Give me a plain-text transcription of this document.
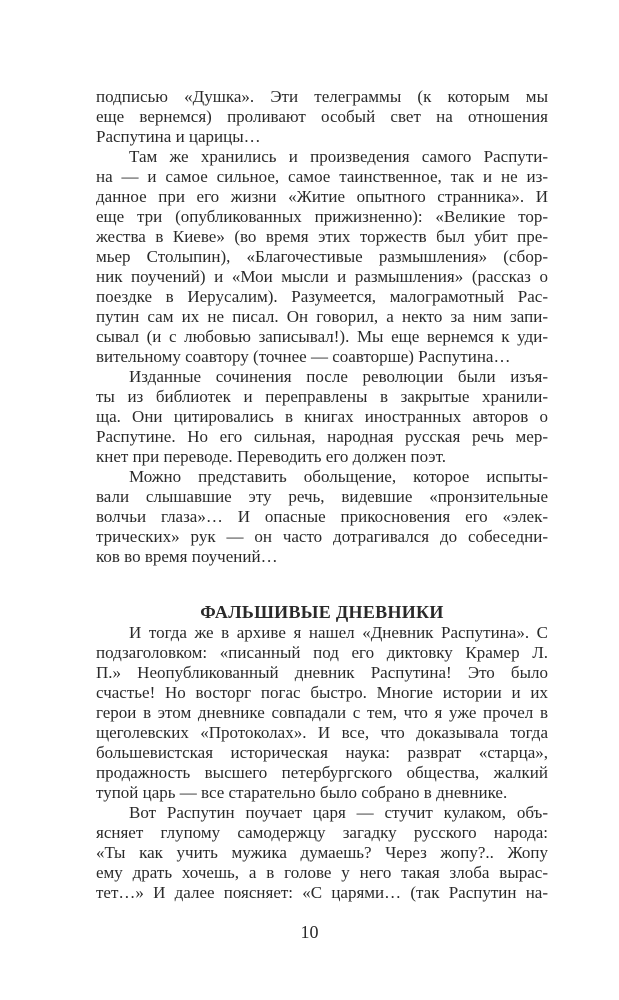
подписью «Душка». Эти телеграммы (к которым мы
еще вернемся) проливают особый свет на отношения
Распутина и царицы…
Там же хранились и произведения самого Распути-
на — и самое сильное, самое таинственное, так и не из-
данное при его жизни «Житие опытного странника». И
еще три (опубликованных прижизненно): «Великие тор-
жества в Киеве» (во время этих торжеств был убит пре-
мьер Столыпин), «Благочестивые размышления» (сбор-
ник поучений) и «Мои мысли и размышления» (рассказ о
поездке в Иерусалим). Разумеется, малограмотный Рас-
путин сам их не писал. Он говорил, а некто за ним запи-
сывал (и с любовью записывал!). Мы еще вернемся к уди-
вительному соавтору (точнее — соавторше) Распутина…
Изданные сочинения после революции были изъя-
ты из библиотек и переправлены в закрытые хранили-
ща. Они цитировались в книгах иностранных авторов о
Распутине. Но его сильная, народная русская речь мер-
кнет при переводе. Переводить его должен поэт.
Можно представить обольщение, которое испыты-
вали слышавшие эту речь, видевшие «пронзительные
волчьи глаза»… И опасные прикосновения его «элек-
трических» рук — он часто дотрагивался до собеседни-
ков во время поучений…
ФАЛЬШИВЫЕ ДНЕВНИКИ
И тогда же в архиве я нашел «Дневник Распутина». С
подзаголовком: «писанный под его диктовку Крамер Л.
П.» Неопубликованный дневник Распутина! Это было
счастье! Но восторг погас быстро. Многие истории и их
герои в этом дневнике совпадали с тем, что я уже прочел в
щеголевских «Протоколах». И все, что доказывала тогда
большевистская историческая наука: разврат «старца»,
продажность высшего петербургского общества, жалкий
тупой царь — все старательно было собрано в дневнике.
Вот Распутин поучает царя — стучит кулаком, объ-
ясняет глупому самодержцу загадку русского народа:
«Ты как учить мужика думаешь? Через жопу?.. Жопу
ему драть хочешь, а в голове у него такая злоба вырас-
тет…» И далее поясняет: «С царями… (так Распутин на-
10
